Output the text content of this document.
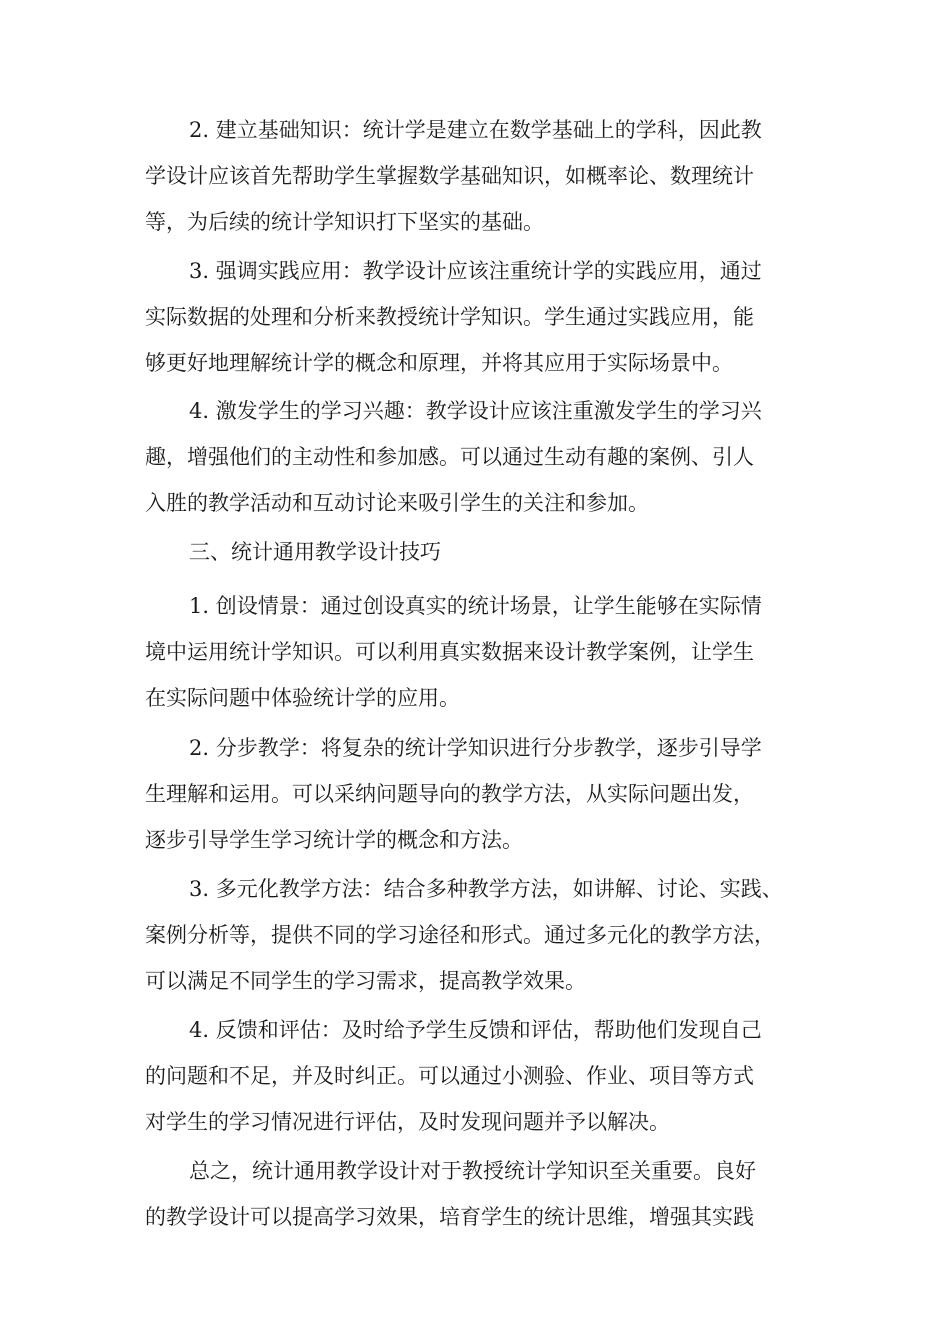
2. 建立基础知识：统计学是建立在数学基础上的学科，因此教
学设计应该首先帮助学生掌握数学基础知识，如概率论、数理统计
等，为后续的统计学知识打下坚实的基础。
3. 强调实践应用：教学设计应该注重统计学的实践应用，通过
实际数据的处理和分析来教授统计学知识。学生通过实践应用，能
够更好地理解统计学的概念和原理，并将其应用于实际场景中。
4. 激发学生的学习兴趣：教学设计应该注重激发学生的学习兴
趣，增强他们的主动性和参加感。可以通过生动有趣的案例、引人
入胜的教学活动和互动讨论来吸引学生的关注和参加。
三、统计通用教学设计技巧
1. 创设情景：通过创设真实的统计场景，让学生能够在实际情
境中运用统计学知识。可以利用真实数据来设计教学案例，让学生
在实际问题中体验统计学的应用。
2. 分步教学：将复杂的统计学知识进行分步教学，逐步引导学
生理解和运用。可以采纳问题导向的教学方法，从实际问题出发，
逐步引导学生学习统计学的概念和方法。
3. 多元化教学方法：结合多种教学方法，如讲解、讨论、实践、
案例分析等，提供不同的学习途径和形式。通过多元化的教学方法，
可以满足不同学生的学习需求，提高教学效果。
4. 反馈和评估：及时给予学生反馈和评估，帮助他们发现自己
的问题和不足，并及时纠正。可以通过小测验、作业、项目等方式
对学生的学习情况进行评估，及时发现问题并予以解决。
总之，统计通用教学设计对于教授统计学知识至关重要。良好
的教学设计可以提高学习效果，培育学生的统计思维，增强其实践
